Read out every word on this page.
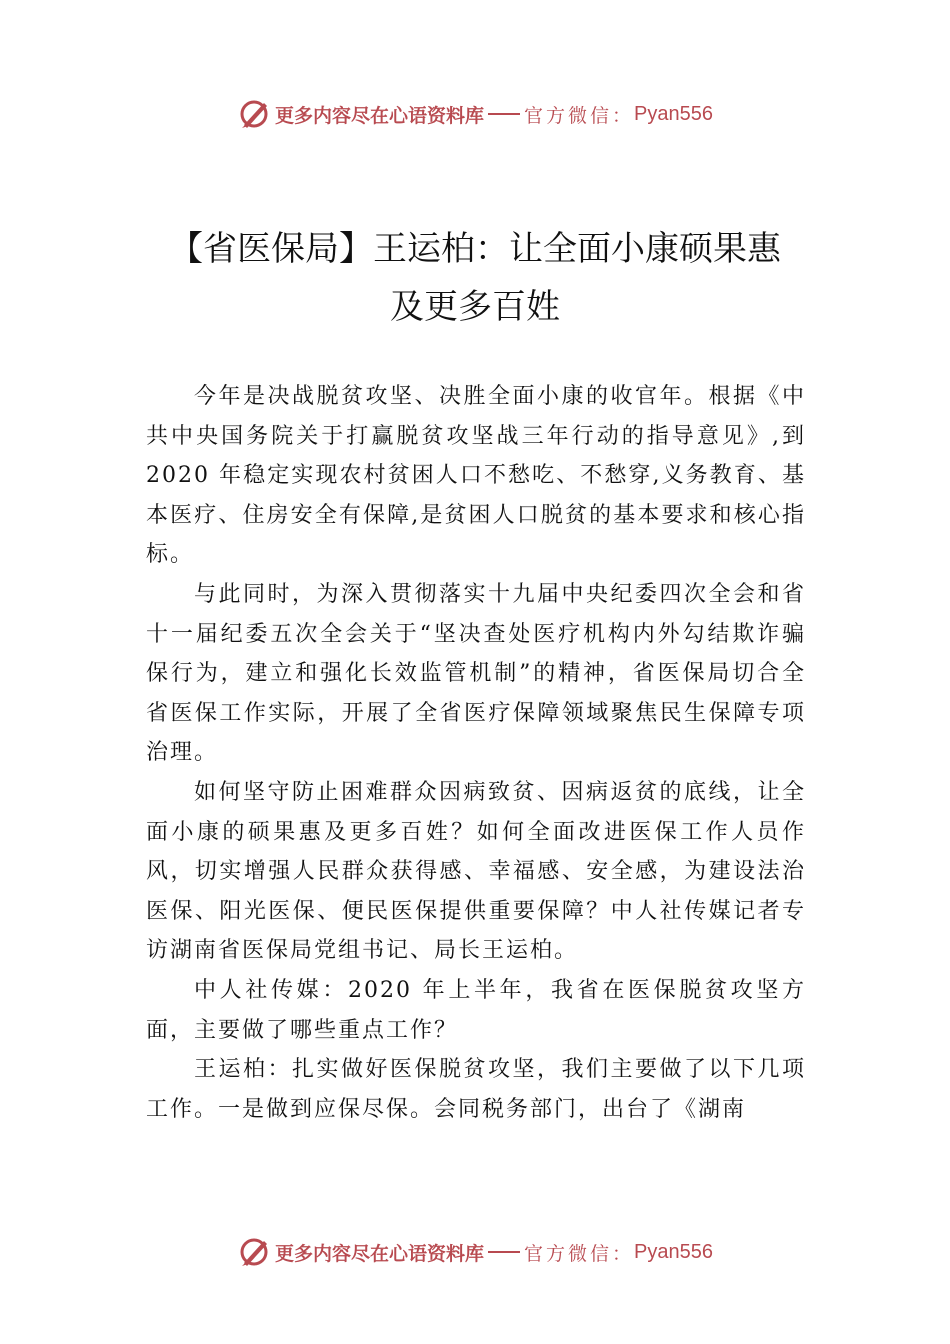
更多内容尽在心语资料库 官方微信： Pyan556
【省医保局】王运柏：让全面小康硕果惠
及更多百姓

今年是决战脱贫攻坚、决胜全面小康的收官年。根据《中共中央国务院关于打赢脱贫攻坚战三年行动的指导意见》,到 2020 年稳定实现农村贫困人口不愁吃、不愁穿,义务教育、基本医疗、住房安全有保障,是贫困人口脱贫的基本要求和核心指标。

与此同时，为深入贯彻落实十九届中央纪委四次全会和省十一届纪委五次全会关于“坚决查处医疗机构内外勾结欺诈骗保行为，建立和强化长效监管机制”的精神，省医保局切合全省医保工作实际，开展了全省医疗保障领域聚焦民生保障专项治理。

如何坚守防止困难群众因病致贫、因病返贫的底线，让全面小康的硕果惠及更多百姓？如何全面改进医保工作人员作风，切实增强人民群众获得感、幸福感、安全感，为建设法治医保、阳光医保、便民医保提供重要保障？中人社传媒记者专访湖南省医保局党组书记、局长王运柏。

中人社传媒：2020 年上半年，我省在医保脱贫攻坚方面，主要做了哪些重点工作？

王运柏：扎实做好医保脱贫攻坚，我们主要做了以下几项工作。一是做到应保尽保。会同税务部门，出台了《湖南

更多内容尽在心语资料库 官方微信： Pyan556
